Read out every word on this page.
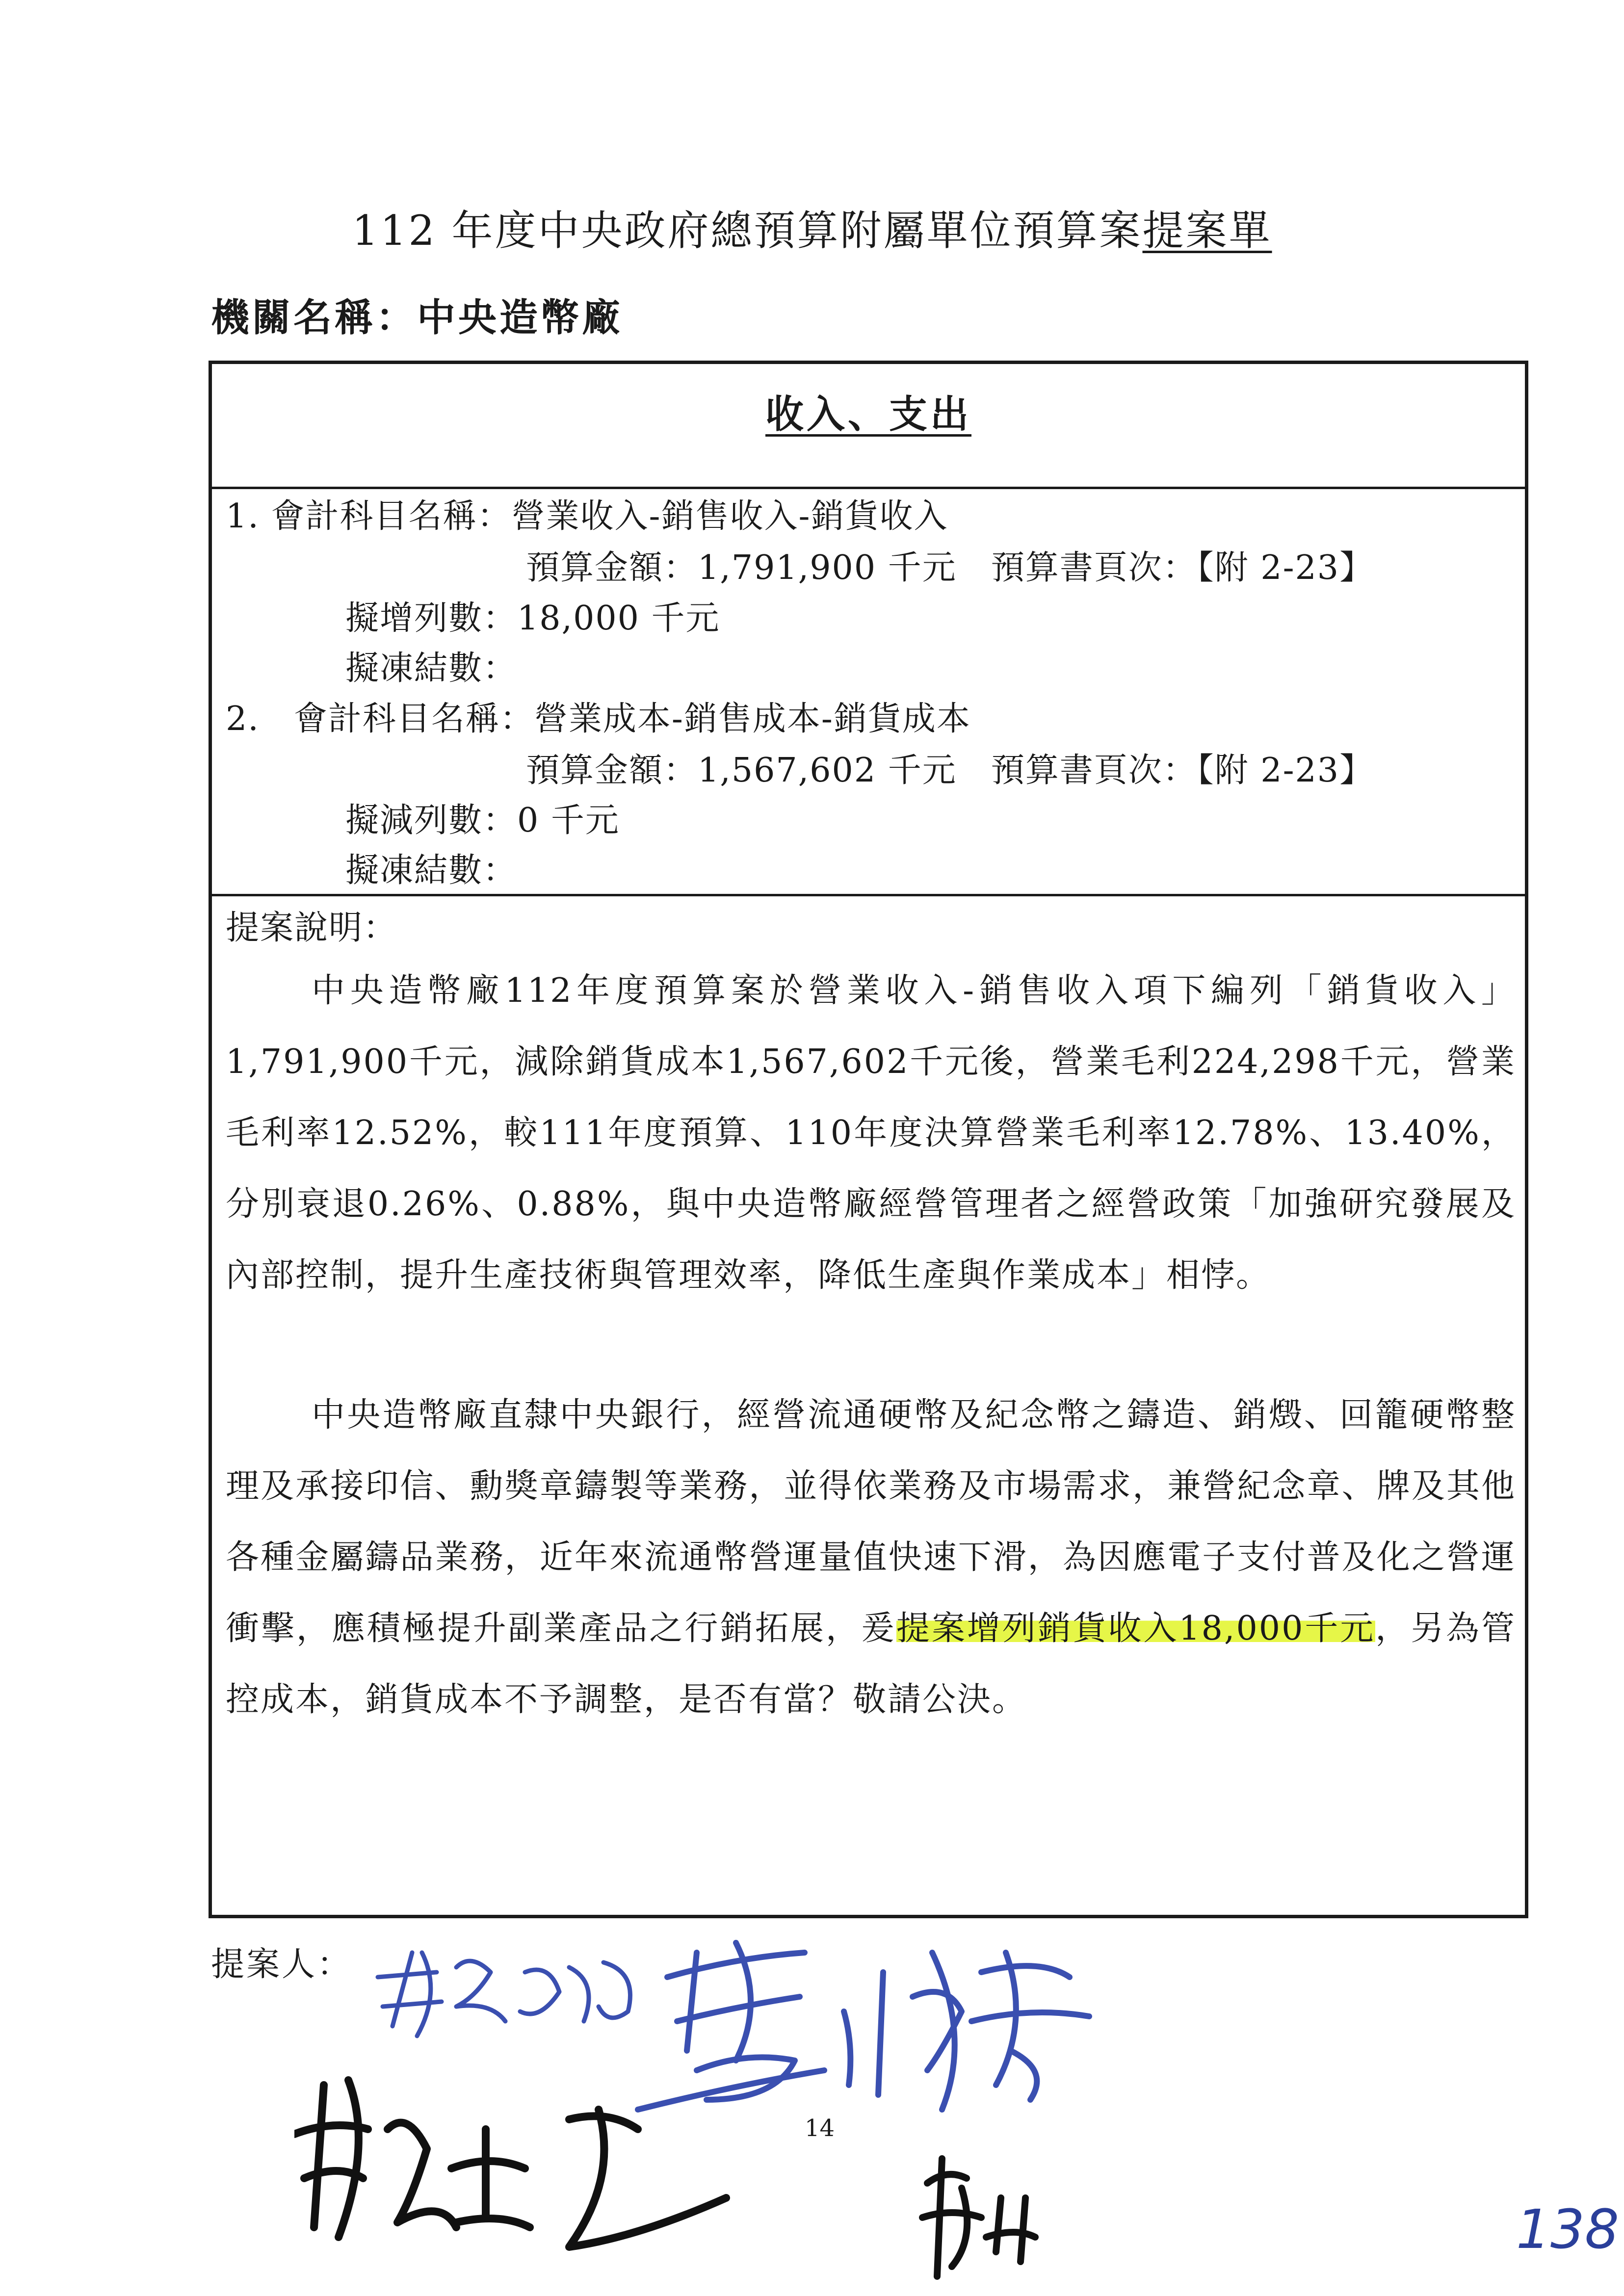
112 年度中央政府總預算附屬單位預算案提案單
機關名稱：中央造幣廠
收入、支出
1. 會計科目名稱：營業收入-銷售收入-銷貨收入
預算金額：1,791,900 千元　預算書頁次：【附 2-23】
擬增列數：18,000 千元
擬凍結數：
2.　會計科目名稱：營業成本-銷售成本-銷貨成本
預算金額：1,567,602 千元　預算書頁次：【附 2-23】
擬減列數：0 千元
擬凍結數：
提案說明：

中央造幣廠112年度預算案於營業收入-銷售收入項下編列「銷貨收入」1,791,900千元，減除銷貨成本1,567,602千元後，營業毛利224,298千元，營業毛利率12.52%，較111年度預算、110年度決算營業毛利率12.78%、13.40%，分別衰退0.26%、0.88%，與中央造幣廠經營管理者之經營政策「加強研究發展及內部控制，提升生產技術與管理效率，降低生產與作業成本」相悖。

中央造幣廠直隸中央銀行，經營流通硬幣及紀念幣之鑄造、銷燬、回籠硬幣整理及承接印信、勳獎章鑄製等業務，並得依業務及市場需求，兼營紀念章、牌及其他各種金屬鑄品業務，近年來流通幣營運量值快速下滑，為因應電子支付普及化之營運衝擊，應積極提升副業產品之行銷拓展，爰提案增列銷貨收入18,000千元，另為管控成本，銷貨成本不予調整，是否有當？敬請公決。

提案人：
14
138
